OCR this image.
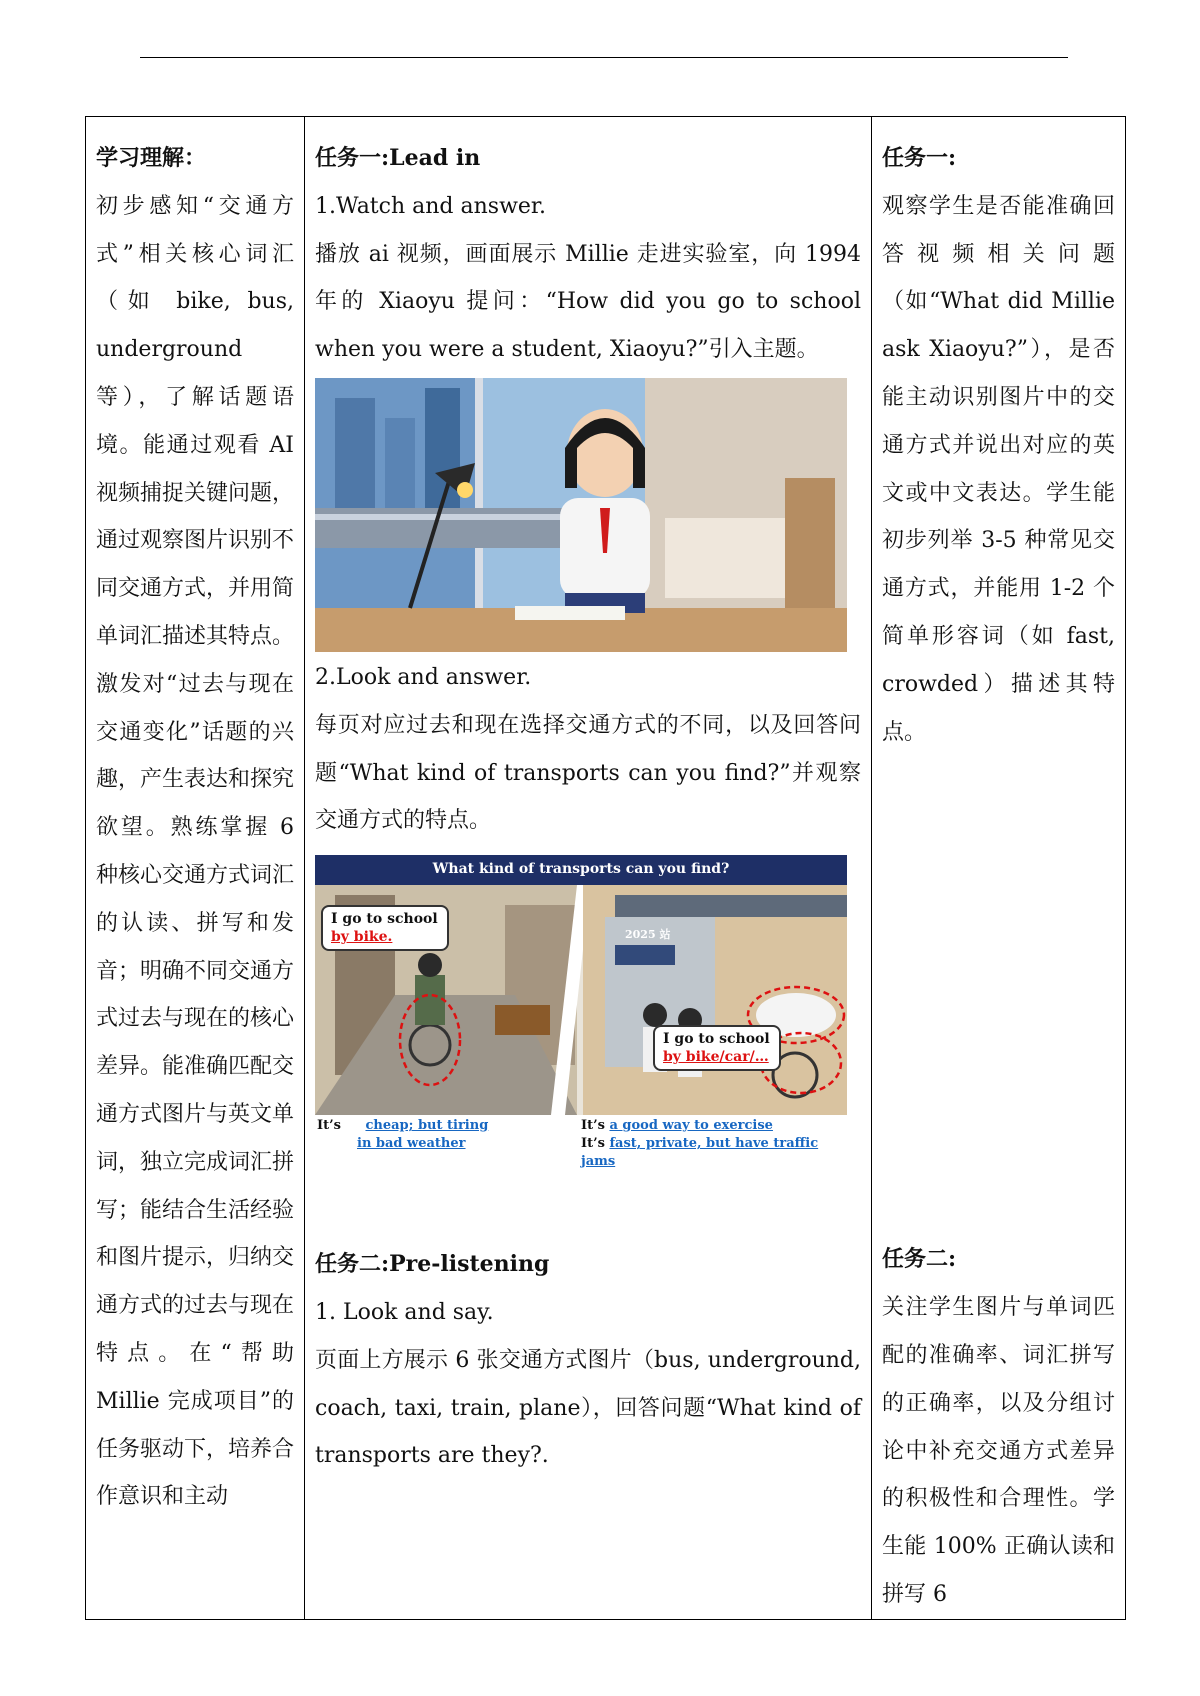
学习理解：

初步感知“交通方式”相关核心词汇（如 bike, bus, underground 等），了解话题语境。能通过观看 AI 视频捕捉关键问题，通过观察图片识别不同交通方式，并用简单词汇描述其特点。激发对“过去与现在交通变化”话题的兴趣，产生表达和探究欲望。熟练掌握 6 种核心交通方式词汇的认读、拼写和发音；明确不同交通方式过去与现在的核心差异。能准确匹配交通方式图片与英文单词，独立完成词汇拼写；能结合生活经验和图片提示，归纳交通方式的过去与现在特点。在“帮助 Millie 完成项目”的任务驱动下，培养合作意识和主动

任务一:Lead in

1.Watch and answer.

播放 ai 视频，画面展示 Millie 走进实验室，向 1994 年的 Xiaoyu 提问：“How did you go to school when you were a student, Xiaoyu?”引入主题。

2.Look and answer.

每页对应过去和现在选择交通方式的不同，以及回答问题“What kind of transports can you find?”并观察交通方式的特点。

What kind of transports can you find?
I go to school
by bike.	2025 站
I go to school
by bike/car/…
It’s cheap; but tiring
in bad weather
It’s a good way to exercise
It’s fast, private, but have traffic jams
任务二:Pre-listening

1. Look and say.

页面上方展示 6 张交通方式图片（bus, underground, coach, taxi, train, plane），回答问题“What kind of transports are they?.

任务一:

观察学生是否能准确回答视频相关问题（如“What did Millie ask Xiaoyu?”），是否能主动识别图片中的交通方式并说出对应的英文或中文表达。学生能初步列举 3-5 种常见交通方式，并能用 1-2 个简单形容词（如 fast, crowded）描述其特点。

任务二:

关注学生图片与单词匹配的准确率、词汇拼写的正确率，以及分组讨论中补充交通方式差异的积极性和合理性。学生能 100% 正确认读和拼写 6
